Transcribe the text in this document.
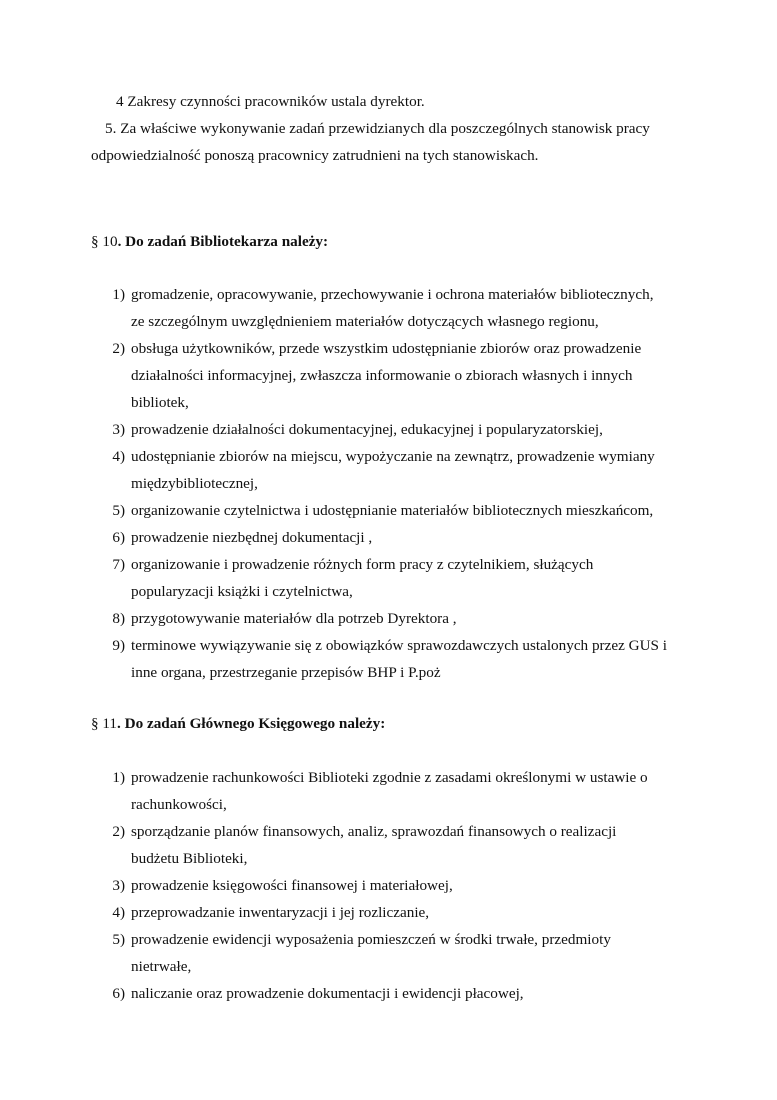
4 Zakresy czynności pracowników ustala dyrektor.
5. Za właściwe wykonywanie zadań przewidzianych dla poszczególnych stanowisk pracy
odpowiedzialność ponoszą pracownicy zatrudnieni na tych stanowiskach.
§ 10. Do zadań Bibliotekarza należy:
1) gromadzenie, opracowywanie, przechowywanie i ochrona materiałów bibliotecznych,
ze szczególnym uwzględnieniem materiałów dotyczących własnego regionu,
2) obsługa użytkowników, przede wszystkim udostępnianie zbiorów oraz prowadzenie
działalności informacyjnej, zwłaszcza informowanie o zbiorach własnych i innych
bibliotek,
3) prowadzenie działalności dokumentacyjnej, edukacyjnej i popularyzatorskiej,
4) udostępnianie zbiorów na miejscu, wypożyczanie na zewnątrz, prowadzenie wymiany
międzybibliotecznej,
5) organizowanie czytelnictwa i udostępnianie materiałów bibliotecznych mieszkańcom,
6) prowadzenie niezbędnej dokumentacji ,
7) organizowanie i prowadzenie różnych form pracy z czytelnikiem, służących
popularyzacji książki i czytelnictwa,
8) przygotowywanie materiałów dla potrzeb Dyrektora ,
9) terminowe wywiązywanie się z obowiązków sprawozdawczych ustalonych przez GUS i
inne organa, przestrzeganie przepisów BHP i P.poż
§ 11. Do zadań Głównego Księgowego należy:
1) prowadzenie rachunkowości Biblioteki zgodnie z zasadami określonymi w ustawie o
rachunkowości,
2) sporządzanie planów finansowych, analiz, sprawozdań finansowych o realizacji
budżetu Biblioteki,
3) prowadzenie księgowości finansowej i materiałowej,
4) przeprowadzanie inwentaryzacji i jej rozliczanie,
5) prowadzenie ewidencji wyposażenia pomieszczeń w środki trwałe, przedmioty
nietrwałe,
6) naliczanie oraz prowadzenie dokumentacji i ewidencji płacowej,
